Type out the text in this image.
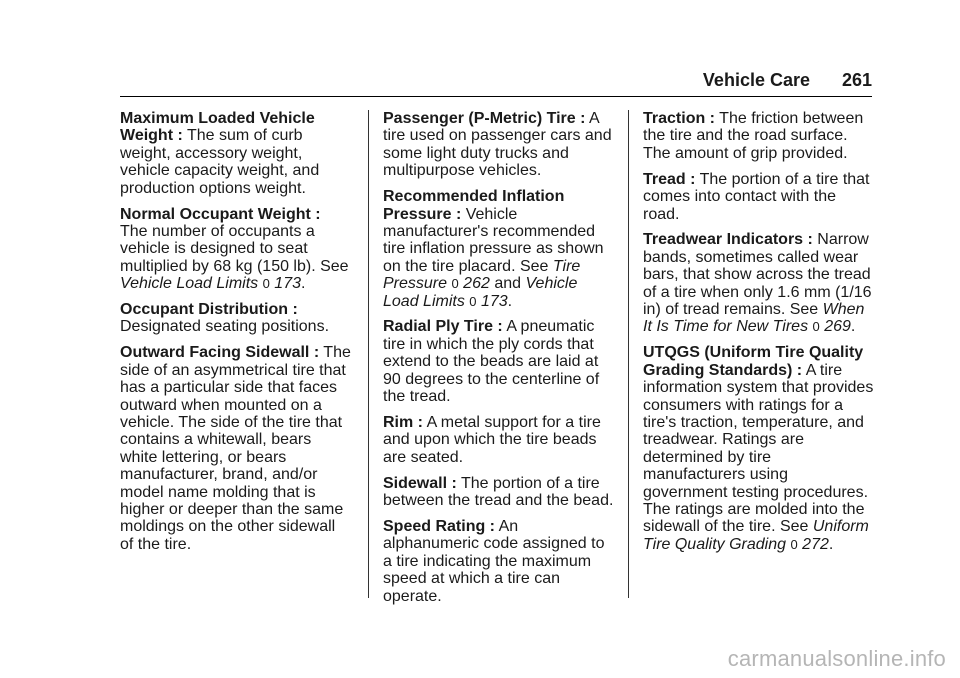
Vehicle Care 261

Maximum Loaded Vehicle Weight : The sum of curb weight, accessory weight, vehicle capacity weight, and production options weight.

Normal Occupant Weight : The number of occupants a vehicle is designed to seat multiplied by 68 kg (150 lb). See Vehicle Load Limits 0 173.

Occupant Distribution : Designated seating positions.

Outward Facing Sidewall : The side of an asymmetrical tire that has a particular side that faces outward when mounted on a vehicle. The side of the tire that contains a whitewall, bears white lettering, or bears manufacturer, brand, and/or model name molding that is higher or deeper than the same moldings on the other sidewall of the tire.

Passenger (P-Metric) Tire : A tire used on passenger cars and some light duty trucks and multipurpose vehicles.

Recommended Inflation Pressure : Vehicle manufacturer's recommended tire inflation pressure as shown on the tire placard. See Tire Pressure 0 262 and Vehicle Load Limits 0 173.

Radial Ply Tire : A pneumatic tire in which the ply cords that extend to the beads are laid at 90 degrees to the centerline of the tread.

Rim : A metal support for a tire and upon which the tire beads are seated.

Sidewall : The portion of a tire between the tread and the bead.

Speed Rating : An alphanumeric code assigned to a tire indicating the maximum speed at which a tire can operate.

Traction : The friction between the tire and the road surface. The amount of grip provided.

Tread : The portion of a tire that comes into contact with the road.

Treadwear Indicators : Narrow bands, sometimes called wear bars, that show across the tread of a tire when only 1.6 mm (1/16 in) of tread remains. See When It Is Time for New Tires 0 269.

UTQGS (Uniform Tire Quality Grading Standards) : A tire information system that provides consumers with ratings for a tire's traction, temperature, and treadwear. Ratings are determined by tire manufacturers using government testing procedures. The ratings are molded into the sidewall of the tire. See Uniform Tire Quality Grading 0 272.

carmanualsonline.info
